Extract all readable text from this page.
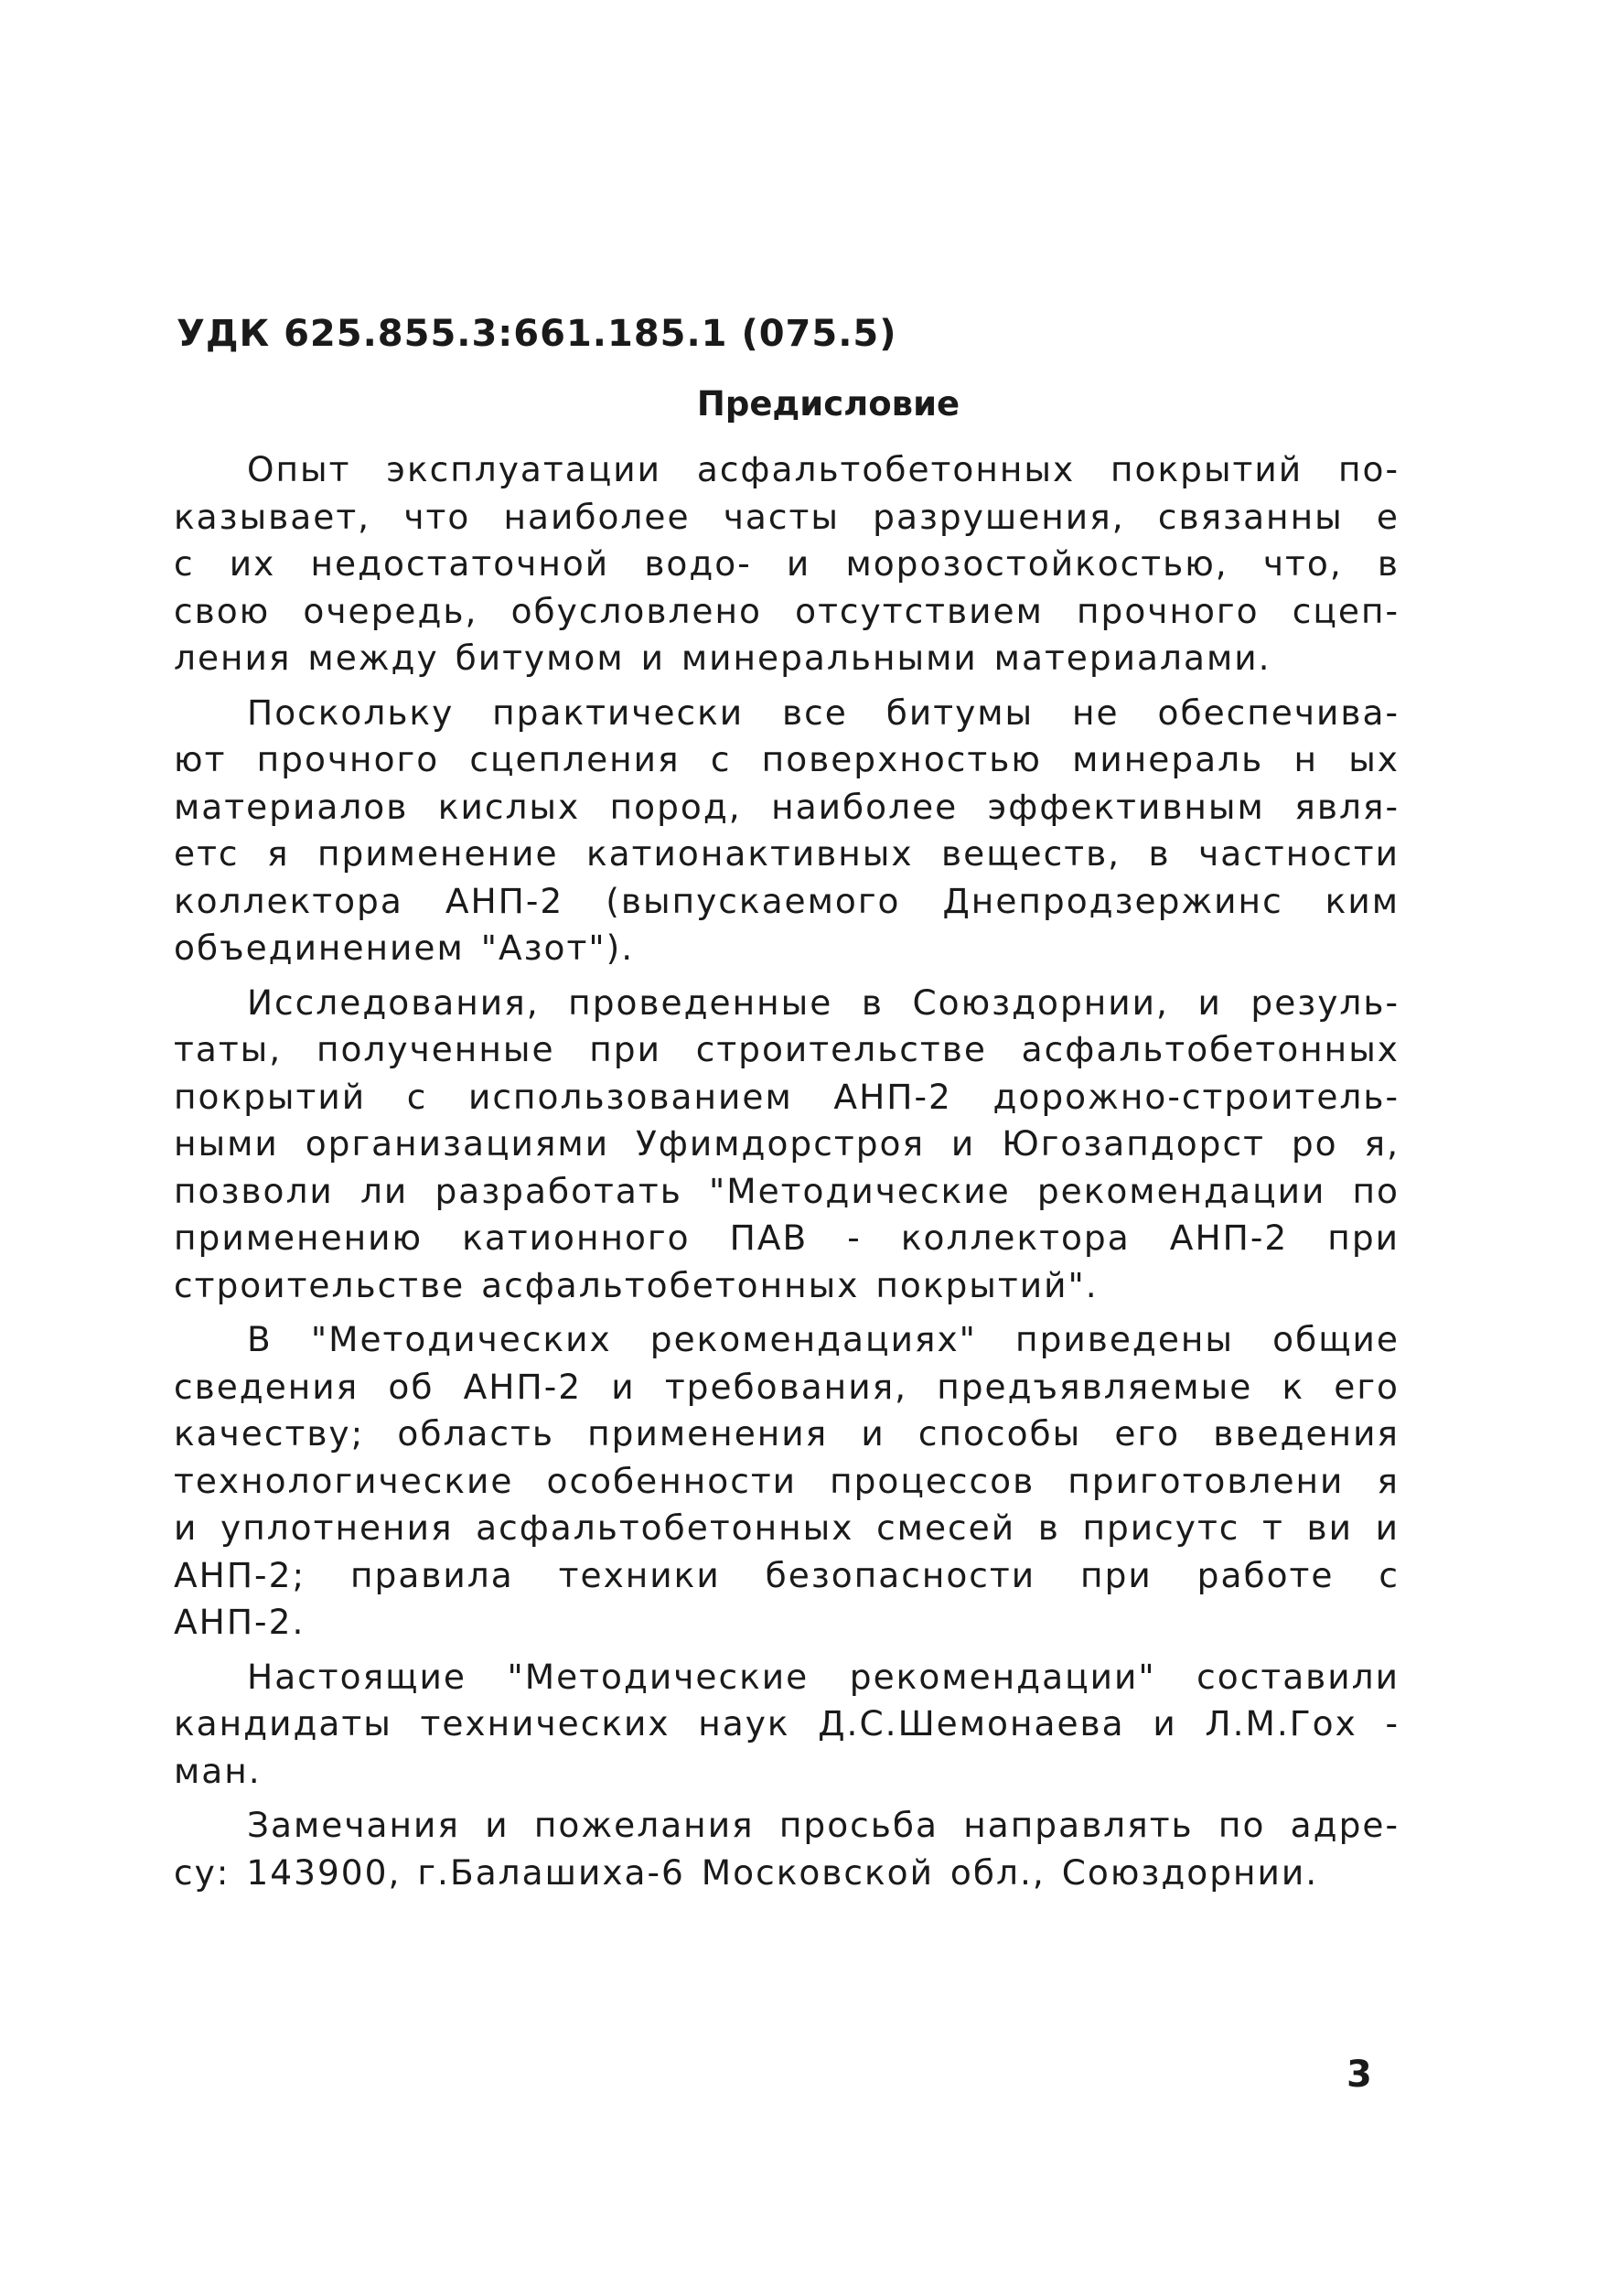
УДК 625.855.3:661.185.1 (075.5)
Предисловие
Опыт эксплуатации асфальтобетонных покрытий по-
казывает, что наиболее часты разрушения, связанны е
с их недостаточной водо- и морозостойкостью, что, в
свою очередь, обусловлено отсутствием прочного сцеп-
ления между битумом и минеральными материалами.
Поскольку практически все битумы не обеспечива-
ют прочного сцепления с поверхностью минераль н ых
материалов кислых пород, наиболее эффективным явля-
етс я применение катионактивных веществ, в частности
коллектора АНП-2 (выпускаемого Днепродзержинс ким
объединением "Азот").
Исследования, проведенные в Союздорнии, и резуль-
таты, полученные при строительстве асфальтобетонных
покрытий с использованием АНП-2 дорожно-строитель-
ными организациями Уфимдорстроя и Югозапдорст ро я,
позволи ли разработать "Методические рекомендации по
применению катионного ПАВ - коллектора АНП-2 при
строительстве асфальтобетонных покрытий".
В "Методических рекомендациях" приведены общие
сведения об АНП-2 и требования, предъявляемые к его
качеству; область применения и способы его введения
технологические особенности процессов приготовлени я
и уплотнения асфальтобетонных смесей в присутс т ви и
АНП-2; правила техники безопасности при работе с
АНП-2.
Настоящие "Методические рекомендации" составили
кандидаты технических наук Д.С.Шемонаева и Л.М.Гох -
ман.
Замечания и пожелания просьба направлять по адре-
су: 143900, г.Балашиха-6 Московской обл., Союздорнии.
3
